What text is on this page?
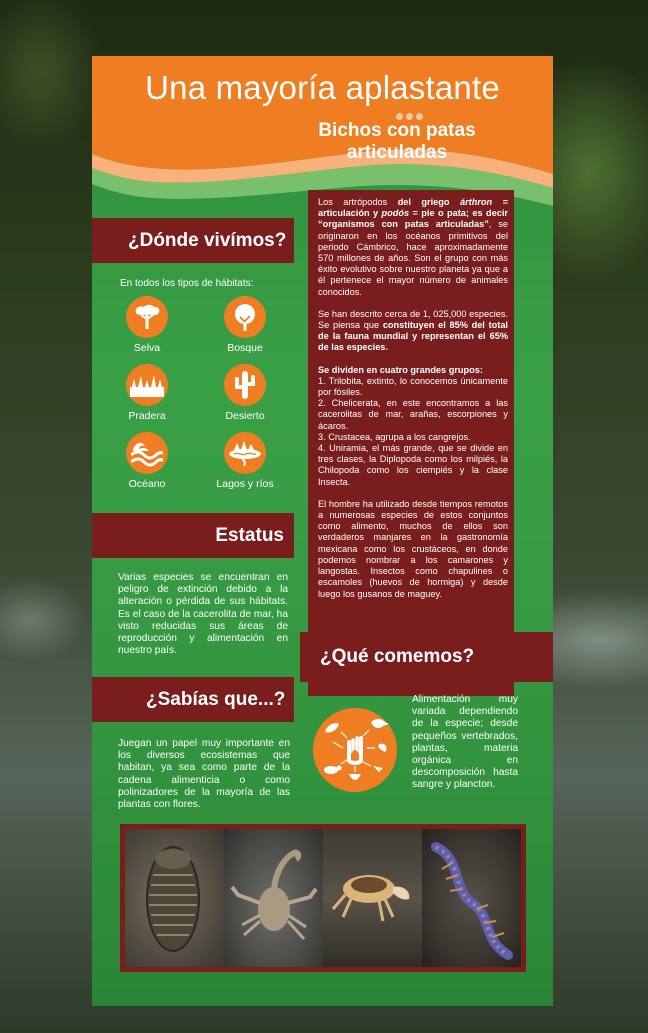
Una mayoría aplastante
Bichos con patas
articuladas

Los artrópodos del griego árthron = articulación y podós = pie o pata; es decir “organismos con patas articuladas”, se originaron en los océanos primitivos del periodo Cámbrico, hace aproximadamente 570 millones de años. Son el grupo con más éxito evolutivo sobre nuestro planeta ya que a él pertenece el mayor número de animales conocidos.

Se han descrito cerca de 1, 025,000 especies. Se piensa que constituyen el 85% del total de la fauna mundial y representan el 65% de las especies.

Se dividen en cuatro grandes grupos:
1. Trilobita, extinto, lo conocemos únicamente por fósiles.
2. Chelicerata, en este encontramos a las cacerolitas de mar, arañas, escorpiones y ácaros.
3. Crustacea, agrupa a los cangrejos.
4. Uniramia, el más grande, que se divide en tres clases, la Diplopoda como los milpiés, la Chilopoda como los ciempiés y la clase Insecta.

El hombre ha utilizado desde tiempos remotos a numerosas especies de estos conjuntos como alimento, muchos de ellos son verdaderos manjares en la gastronomía mexicana como los crustáceos, en donde podemos nombrar a los camarones y langostas. Insectos como chapulines o escamoles (huevos de hormiga) y desde luego los gusanos de maguey.

¿Dónde vivímos?
En todos los tipos de hábitats:
Selva	Bosque
Pradera	Desierto
Océano	Lagos y ríos
Estatus
Varias especies se encuentran en peligro de extinción debido a la alteración o pérdida de sus hábitats. Es el caso de la cacerolita de mar, ha visto reducidas sus áreas de reproducción y alimentación en nuestro país.
¿Sabías que...?
Juegan un papel muy importante en los diversos ecosistemas que habitan, ya sea como parte de la cadena alimenticia o como polinizadores de la mayoría de las plantas con flores.
¿Qué comemos?
Alimentación muy variada dependiendo de la especie; desde pequeños vertebrados, plantas, materia orgánica en descomposición hasta sangre y plancton.
